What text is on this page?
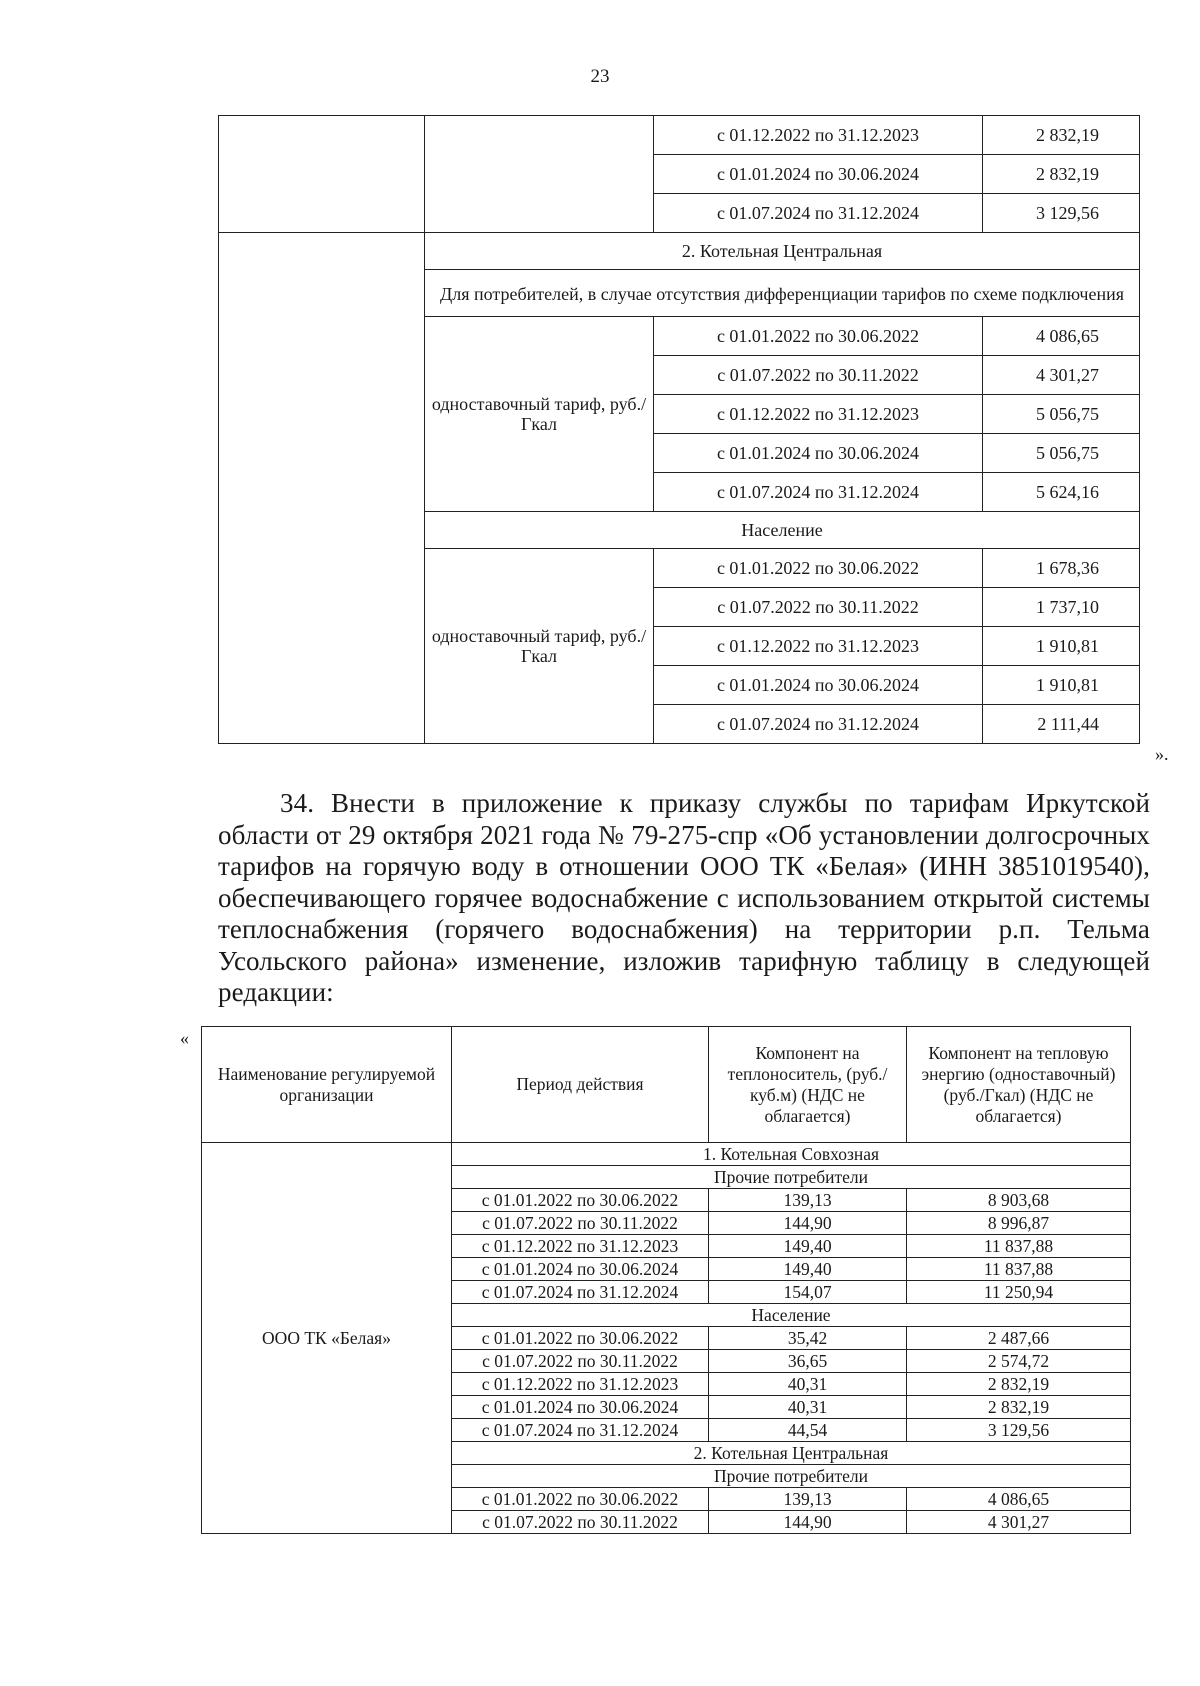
23
		с 01.12.2022 по 31.12.2023	2 832,19
		с 01.01.2024 по 30.06.2024	2 832,19
		с 01.07.2024 по 31.12.2024	3 129,56
	2. Котельная Центральная		
	Для потребителей, в случае отсутствия дифференциации тарифов по схеме подключения		
	одноставочный тариф, руб./Гкал	с 01.01.2022 по 30.06.2022	4 086,65
		с 01.07.2022 по 30.11.2022	4 301,27
		с 01.12.2022 по 31.12.2023	5 056,75
		с 01.01.2024 по 30.06.2024	5 056,75
		с 01.07.2024 по 31.12.2024	5 624,16
	Население		
	одноставочный тариф, руб./Гкал	с 01.01.2022 по 30.06.2022	1 678,36
		с 01.07.2022 по 30.11.2022	1 737,10
		с 01.12.2022 по 31.12.2023	1 910,81
		с 01.01.2024 по 30.06.2024	1 910,81
		с 01.07.2024 по 31.12.2024	2 111,44
».
34. Внести в приложение к приказу службы по тарифам Иркутской области от 29 октября 2021 года № 79-275-спр «Об установлении долгосрочных тарифов на горячую воду в отношении ООО ТК «Белая» (ИНН 3851019540), обеспечивающего горячее водоснабжение с использованием открытой системы теплоснабжения (горячего водоснабжения) на территории р.п. Тельма Усольского района» изменение, изложив тарифную таблицу в следующей редакции:
«
Наименование регулируемой организации	Период действия	Компонент на теплоноситель, (руб./куб.м) (НДС не облагается)	Компонент на тепловую энергию (одноставочный) (руб./Гкал) (НДС не облагается)
ООО ТК «Белая»	1. Котельная Совхозная		
	Прочие потребители		
	с 01.01.2022 по 30.06.2022	139,13	8 903,68
	с 01.07.2022 по 30.11.2022	144,90	8 996,87
	с 01.12.2022 по 31.12.2023	149,40	11 837,88
	с 01.01.2024 по 30.06.2024	149,40	11 837,88
	с 01.07.2024 по 31.12.2024	154,07	11 250,94
	Население		
	с 01.01.2022 по 30.06.2022	35,42	2 487,66
	с 01.07.2022 по 30.11.2022	36,65	2 574,72
	с 01.12.2022 по 31.12.2023	40,31	2 832,19
	с 01.01.2024 по 30.06.2024	40,31	2 832,19
	с 01.07.2024 по 31.12.2024	44,54	3 129,56
	2. Котельная Центральная		
	Прочие потребители		
	с 01.01.2022 по 30.06.2022	139,13	4 086,65
	с 01.07.2022 по 30.11.2022	144,90	4 301,27
